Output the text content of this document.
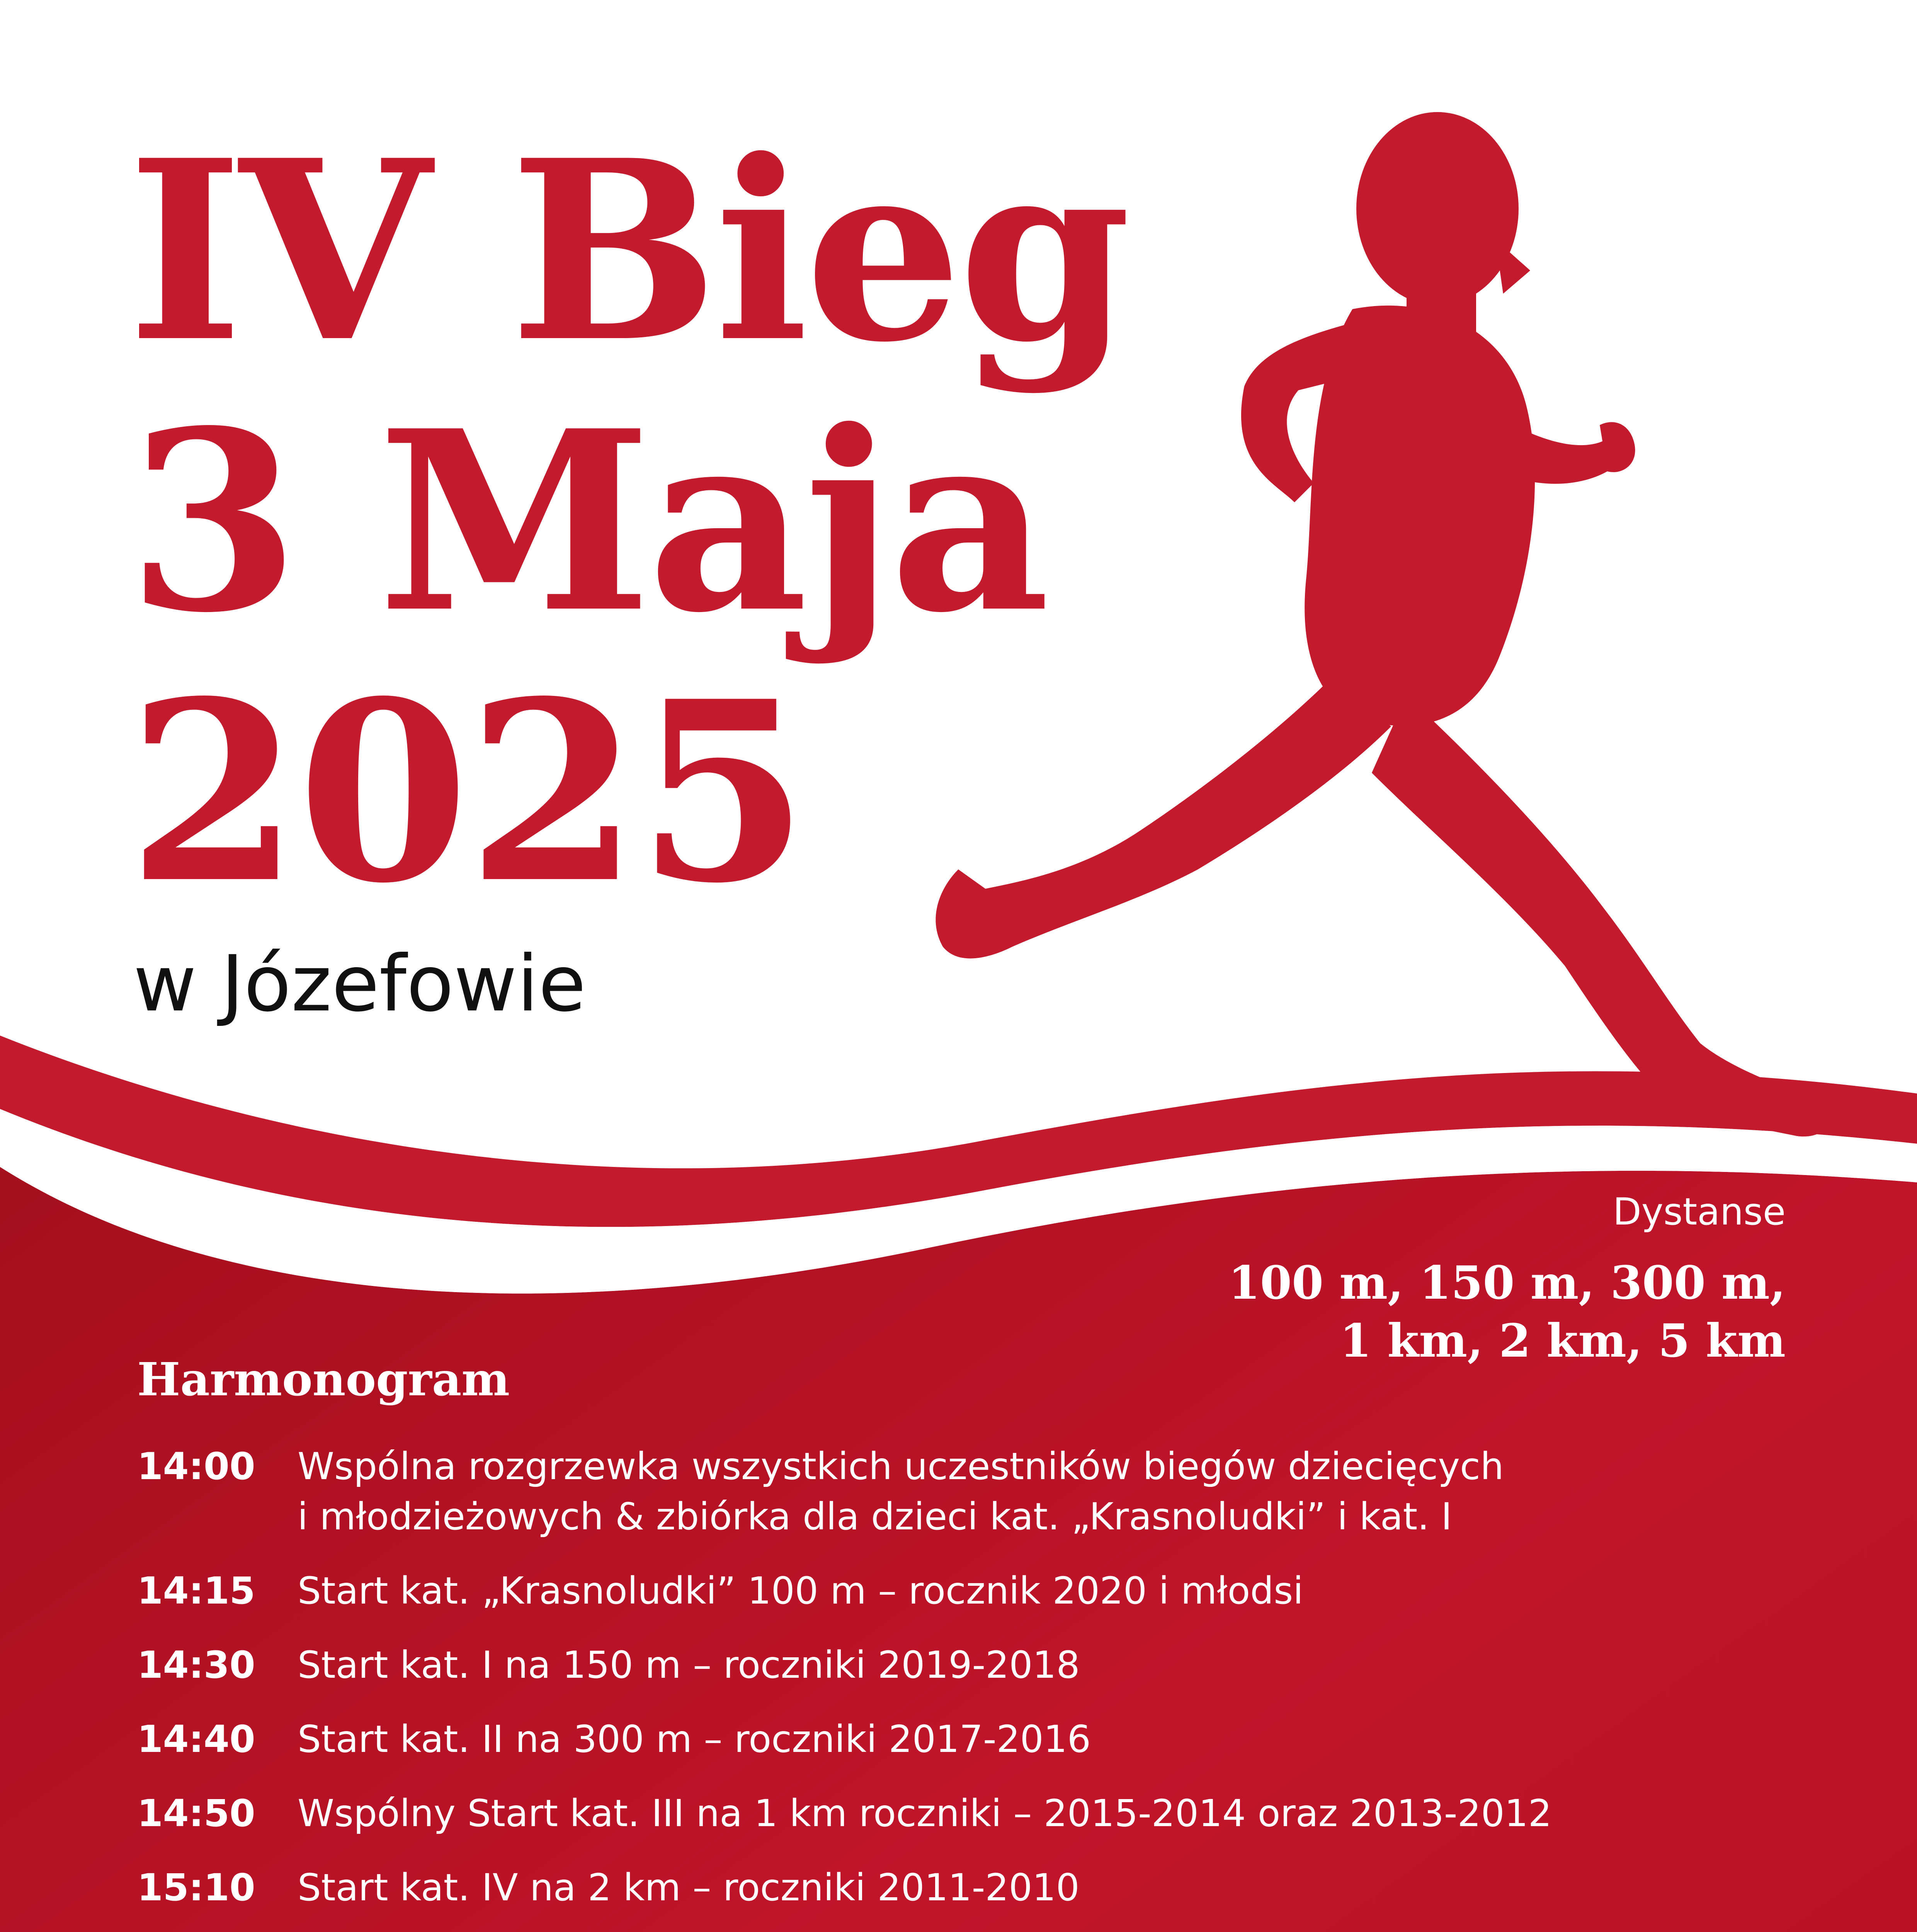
IV Bieg
3 Maja
2025
w Józefowie
Dystanse
100 m, 150 m, 300 m,
1 km, 2 km, 5 km
Harmonogram
14:00	Wspólna rozgrzewka wszystkich uczestników biegów dziecięcych
i młodzieżowych & zbiórka dla dzieci kat. „Krasnoludki” i kat. I
14:15	Start kat. „Krasnoludki” 100 m – rocznik 2020 i młodsi
14:30	Start kat. I na 150 m – roczniki 2019-2018
14:40	Start kat. II na 300 m – roczniki 2017-2016
14:50	Wspólny Start kat. III na 1 km roczniki – 2015-2014 oraz 2013-2012
15:10	Start kat. IV na 2 km – roczniki 2011-2010
